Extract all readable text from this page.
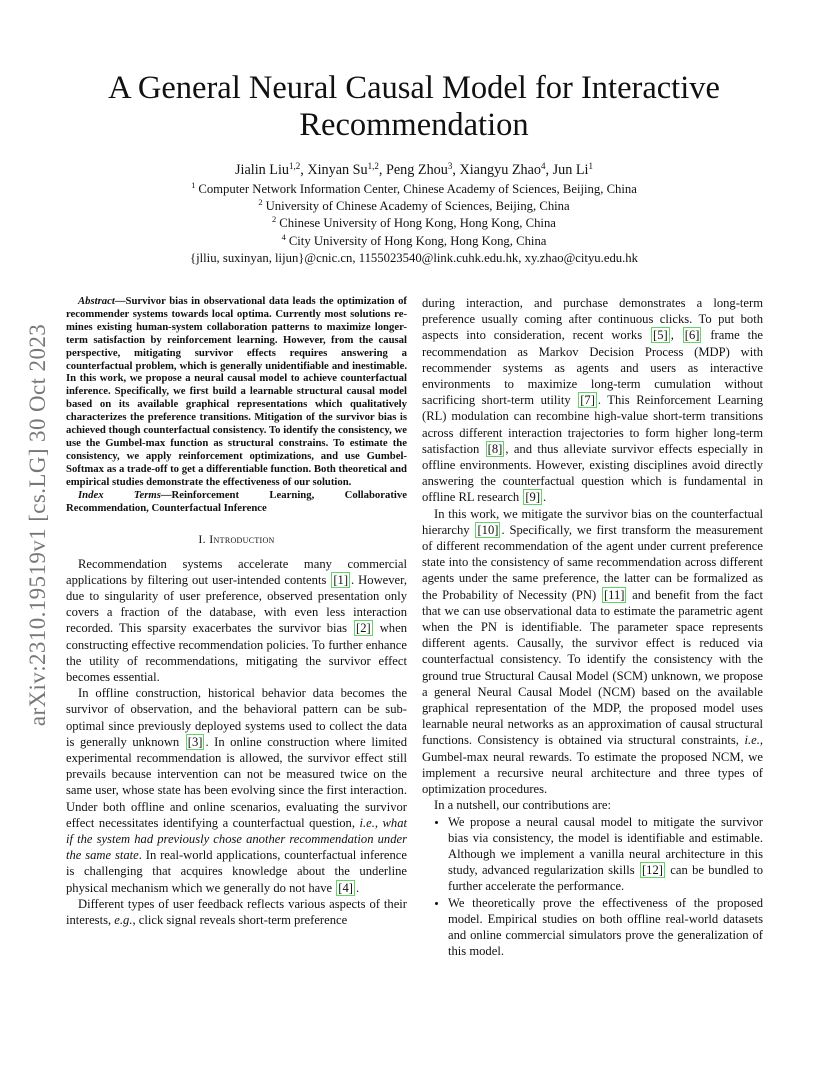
arXiv:2310.19519v1 [cs.LG] 30 Oct 2023
A General Neural Causal Model for Interactive Recommendation

Jialin Liu$^{1,2}$, Xinyan Su$^{1,2}$, Peng Zhou$^3$, Xiangyu Zhao$^4$, Jun Li$^1$

$^1$ Computer Network Information Center, Chinese Academy of Sciences, Beijing, China
$^2$ University of Chinese Academy of Sciences, Beijing, China
$^2$ Chinese University of Hong Kong, Hong Kong, China
$^4$ City University of Hong Kong, Hong Kong, China
{jlliu, suxinyan, lijun}@cnic.cn, 1155023540@link.cuhk.edu.hk, xy.zhao@cityu.edu.hk

Abstract—Survivor bias in observational data leads the optimization of recommender systems towards local optima. Currently most solutions re-mines existing human-system collaboration patterns to maximize longer-term satisfaction by reinforcement learning. However, from the causal perspective, mitigating survivor effects requires answering a counterfactual problem, which is generally unidentifiable and inestimable. In this work, we propose a neural causal model to achieve counterfactual inference. Specifically, we first build a learnable structural causal model based on its available graphical representations which qualitatively characterizes the preference transitions. Mitigation of the survivor bias is achieved though counterfactual consistency. To identify the consistency, we use the Gumbel-max function as structural constrains. To estimate the consistency, we apply reinforcement optimizations, and use Gumbel-Softmax as a trade-off to get a differentiable function. Both theoretical and empirical studies demonstrate the effectiveness of our solution.

Index Terms—Reinforcement Learning, Collaborative Recommendation, Counterfactual Inference

I. Introduction

Recommendation systems accelerate many commercial applications by filtering out user-intended contents [1] . However, due to singularity of user preference, observed presentation only covers a fraction of the database, with even less interaction recorded. This sparsity exacerbates the survivor bias [2] when constructing effective recommendation policies. To further enhance the utility of recommendations, mitigating the survivor effect becomes essential.

In offline construction, historical behavior data becomes the survivor of observation, and the behavioral pattern can be sub-optimal since previously deployed systems used to collect the data is generally unknown [3] . In online construction where limited experimental recommendation is allowed, the survivor effect still prevails because intervention can not be measured twice on the same user, whose state has been evolving since the first interaction. Under both offline and online scenarios, evaluating the survivor effect necessitates identifying a counterfactual question, i.e., what if the system had previously chose another recommendation under the same state. In real-world applications, counterfactual inference is challenging that acquires knowledge about the underline physical mechanism which we generally do not have [4] .

Different types of user feedback reflects various aspects of their interests, e.g., click signal reveals short-term preference

during interaction, and purchase demonstrates a long-term preference usually coming after continuous clicks. To put both aspects into consideration, recent works [5] , [6] frame the recommendation as Markov Decision Process (MDP) with recommender systems as agents and users as interactive environments to maximize long-term cumulation without sacrificing short-term utility [7] . This Reinforcement Learning (RL) modulation can recombine high-value short-term transitions across different interaction trajectories to form higher long-term satisfaction [8] , and thus alleviate survivor effects especially in offline environments. However, existing disciplines avoid directly answering the counterfactual question which is fundamental in offline RL research [9] .

In this work, we mitigate the survivor bias on the counterfactual hierarchy [10] . Specifically, we first transform the measurement of different recommendation of the agent under current preference state into the consistency of same recommendation across different agents under the same preference, the latter can be formalized as the Probability of Necessity (PN) [11] and benefit from the fact that we can use observational data to estimate the parametric agent when the PN is identifiable. The parameter space represents different agents. Causally, the survivor effect is reduced via counterfactual consistency. To identify the consistency with the ground true Structural Causal Model (SCM) unknown, we propose a general Neural Causal Model (NCM) based on the available graphical representation of the MDP, the proposed model uses learnable neural networks as an approximation of causal structural functions. Consistency is obtained via structural constraints, i.e., Gumbel-max neural rewards. To estimate the proposed NCM, we implement a recursive neural architecture and three types of optimization procedures.

In a nutshell, our contributions are:

• We propose a neural causal model to mitigate the survivor bias via consistency, the model is identifiable and estimable. Although we implement a vanilla neural architecture in this study, advanced regularization skills [12] can be bundled to further accelerate the performance.
• We theoretically prove the effectiveness of the proposed model. Empirical studies on both offline real-world datasets and online commercial simulators prove the generalization of this model.
